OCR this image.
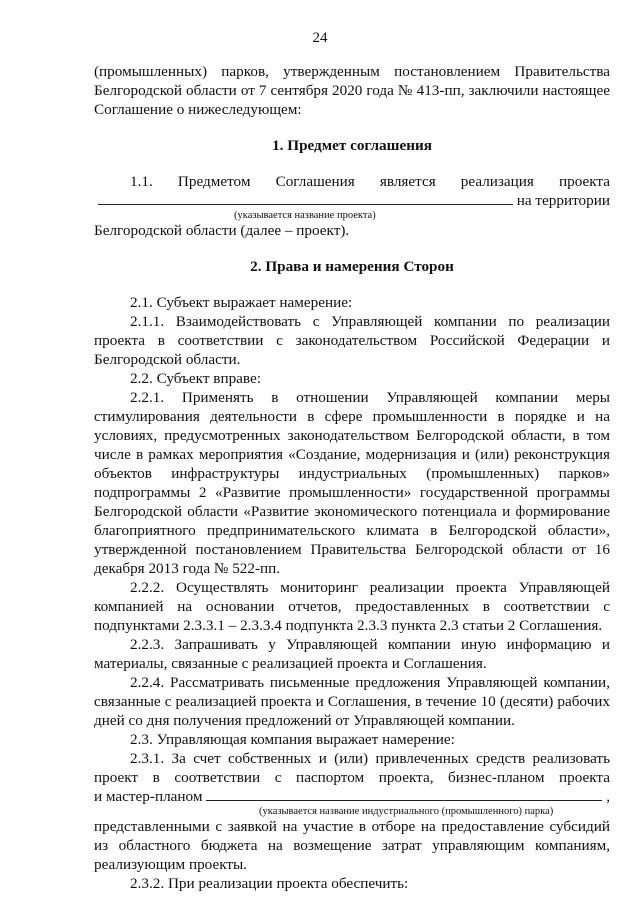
24

(промышленных) парков, утвержденным постановлением Правительства

Белгородской области от 7 сентября 2020 года № 413-пп, заключили настоящее

Соглашение о нижеследующем:

1. Предмет соглашения

1.1. Предметом Соглашения является реализация проекта

на территории
(указывается название проекта)

Белгородской области (далее – проект).

2. Права и намерения Сторон

2.1. Субъект выражает намерение:

2.1.1. Взаимодействовать с Управляющей компании по реализации проекта в соответствии с законодательством Российской Федерации и Белгородской области.

2.2. Субъект вправе:

2.2.1. Применять в отношении Управляющей компании меры стимулирования деятельности в сфере промышленности в порядке и на условиях, предусмотренных законодательством Белгородской области, в том числе в рамках мероприятия «Создание, модернизация и (или) реконструкция объектов инфраструктуры индустриальных (промышленных) парков» подпрограммы 2 «Развитие промышленности» государственной программы Белгородской области «Развитие экономического потенциала и формирование благоприятного предпринимательского климата в Белгородской области», утвержденной постановлением Правительства Белгородской области от 16 декабря 2013 года № 522-пп.

2.2.2. Осуществлять мониторинг реализации проекта Управляющей компанией на основании отчетов, предоставленных в соответствии с подпунктами 2.3.3.1 – 2.3.3.4 подпункта 2.3.3 пункта 2.3 статьи 2 Соглашения.

2.2.3. Запрашивать у Управляющей компании иную информацию и материалы, связанные с реализацией проекта и Соглашения.

2.2.4. Рассматривать письменные предложения Управляющей компании, связанные с реализацией проекта и Соглашения, в течение 10 (десяти) рабочих дней со дня получения предложений от Управляющей компании.

2.3. Управляющая компания выражает намерение:

2.3.1. За счет собственных и (или) привлеченных средств реализовать

проект в соответствии с паспортом проекта, бизнес-планом проекта

и мастер-планом	,
(указывается название индустриального (промышленного) парка)

представленными с заявкой на участие в отборе на предоставление субсидий из областного бюджета на возмещение затрат управляющим компаниям, реализующим проекты.

2.3.2. При реализации проекта обеспечить:
